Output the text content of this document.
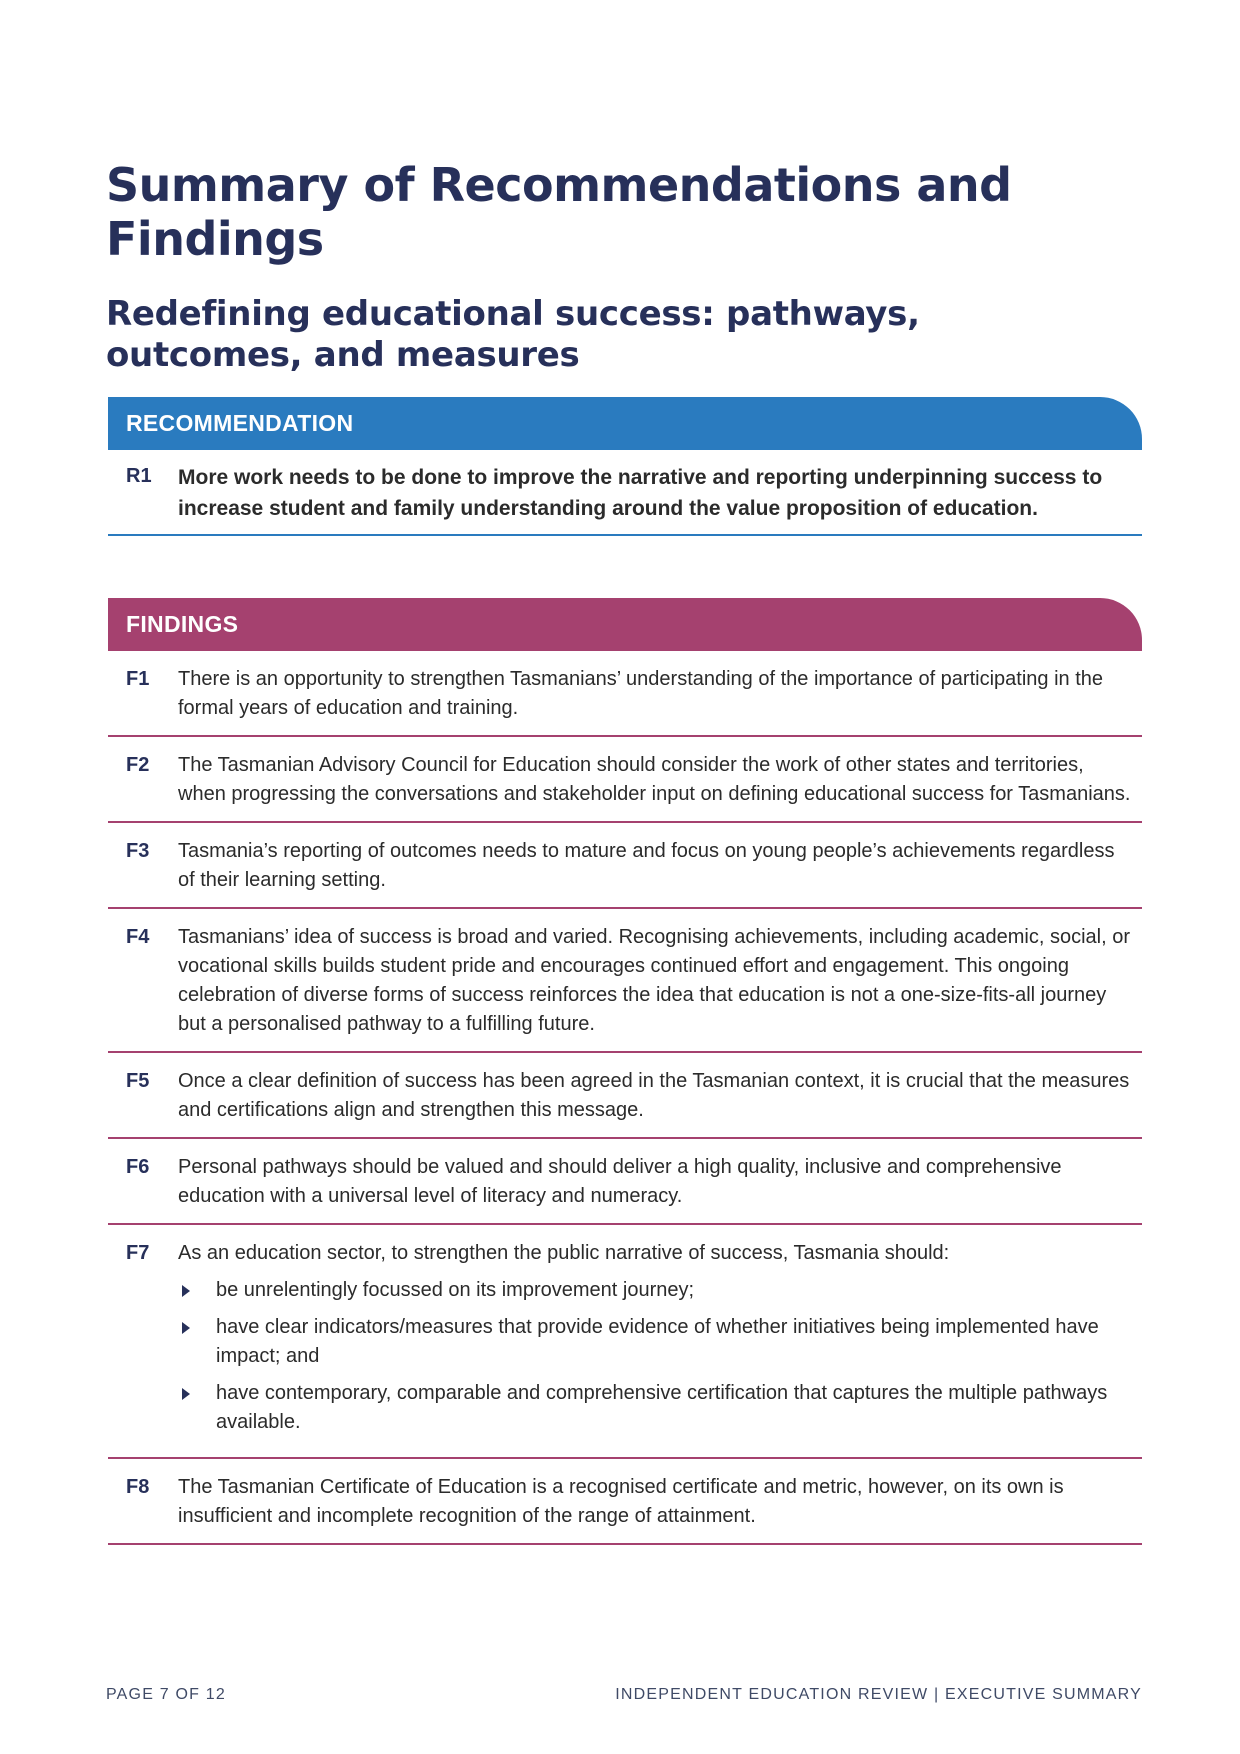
Summary of Recommendations and Findings
Redefining educational success: pathways, outcomes, and measures
RECOMMENDATION
R1	More work needs to be done to improve the narrative and reporting underpinning success to increase student and family understanding around the value proposition of education.
FINDINGS
F1	There is an opportunity to strengthen Tasmanians’ understanding of the importance of participating in the formal years of education and training.
F2	The Tasmanian Advisory Council for Education should consider the work of other states and territories, when progressing the conversations and stakeholder input on defining educational success for Tasmanians.
F3	Tasmania’s reporting of outcomes needs to mature and focus on young people’s achievements regardless of their learning setting.
F4	Tasmanians’ idea of success is broad and varied. Recognising achievements, including academic, social, or vocational skills builds student pride and encourages continued effort and engagement. This ongoing celebration of diverse forms of success reinforces the idea that education is not a one-size-fits-all journey but a personalised pathway to a fulfilling future.
F5	Once a clear definition of success has been agreed in the Tasmanian context, it is crucial that the measures and certifications align and strengthen this message.
F6	Personal pathways should be valued and should deliver a high quality, inclusive and comprehensive education with a universal level of literacy and numeracy.
F7	As an education sector, to strengthen the public narrative of success, Tasmania should:
be unrelentingly focussed on its improvement journey;
have clear indicators/measures that provide evidence of whether initiatives being implemented have impact; and
have contemporary, comparable and comprehensive certification that captures the multiple pathways available.
F8	The Tasmanian Certificate of Education is a recognised certificate and metric, however, on its own is insufficient and incomplete recognition of the range of attainment.
PAGE 7 OF 12	INDEPENDENT EDUCATION REVIEW | EXECUTIVE SUMMARY
